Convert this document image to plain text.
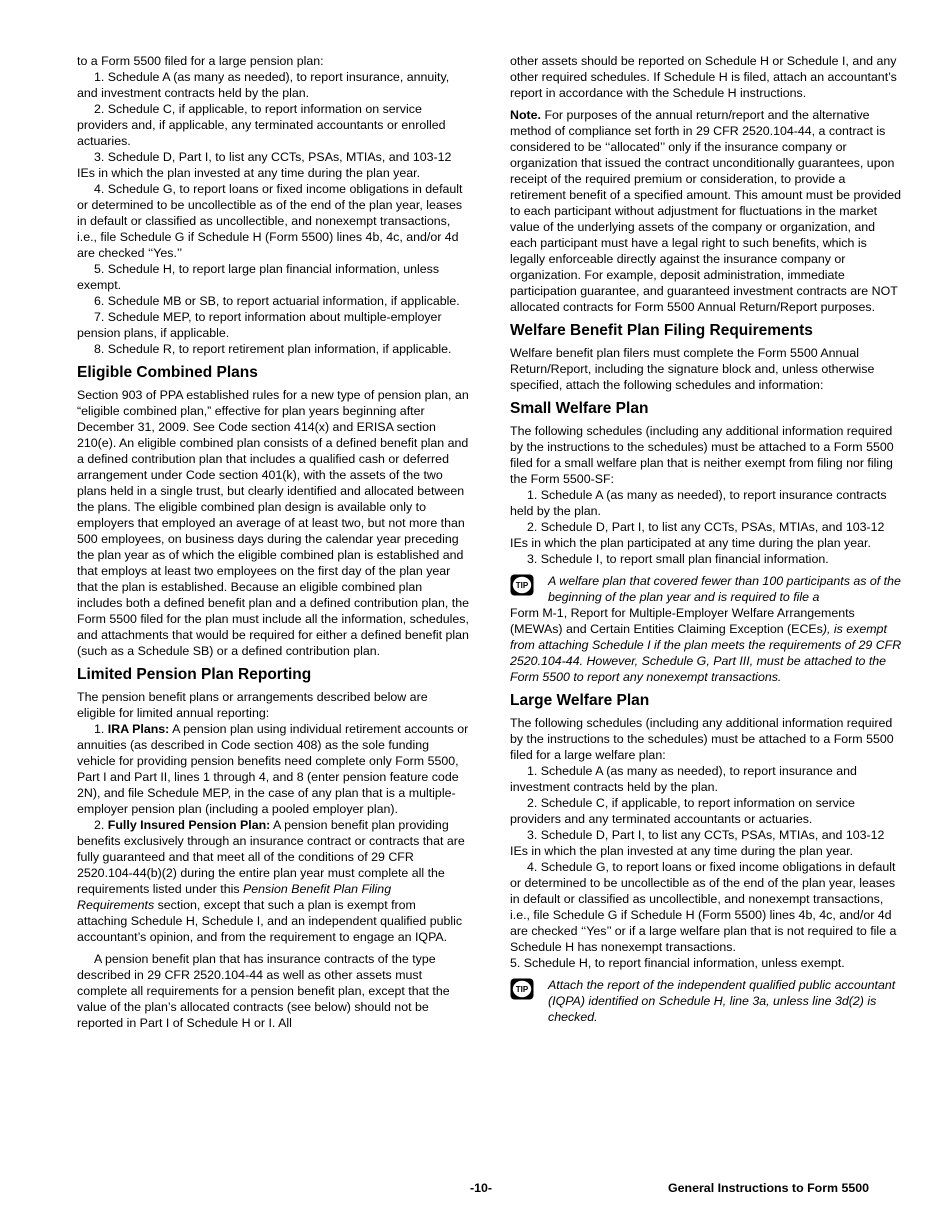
to a Form 5500 filed for a large pension plan:

1. Schedule A (as many as needed), to report insurance, annuity, and investment contracts held by the plan.

2. Schedule C, if applicable, to report information on service providers and, if applicable, any terminated accountants or enrolled actuaries.

3. Schedule D, Part I, to list any CCTs, PSAs, MTIAs, and 103-12 IEs in which the plan invested at any time during the plan year.

4. Schedule G, to report loans or fixed income obligations in default or determined to be uncollectible as of the end of the plan year, leases in default or classified as uncollectible, and nonexempt transactions, i.e., file Schedule G if Schedule H (Form 5500) lines 4b, 4c, and/or 4d are checked ‘‘Yes.’’

5. Schedule H, to report large plan financial information, unless exempt.

6. Schedule MB or SB, to report actuarial information, if applicable.

7. Schedule MEP, to report information about multiple-employer pension plans, if applicable.

8. Schedule R, to report retirement plan information, if applicable.

Eligible Combined Plans

Section 903 of PPA established rules for a new type of pension plan, an “eligible combined plan,” effective for plan years beginning after December 31, 2009. See Code section 414(x) and ERISA section 210(e). An eligible combined plan consists of a defined benefit plan and a defined contribution plan that includes a qualified cash or deferred arrangement under Code section 401(k), with the assets of the two plans held in a single trust, but clearly identified and allocated between the plans. The eligible combined plan design is available only to employers that employed an average of at least two, but not more than 500 employees, on business days during the calendar year preceding the plan year as of which the eligible combined plan is established and that employs at least two employees on the first day of the plan year that the plan is established. Because an eligible combined plan includes both a defined benefit plan and a defined contribution plan, the Form 5500 filed for the plan must include all the information, schedules, and attachments that would be required for either a defined benefit plan (such as a Schedule SB) or a defined contribution plan.

Limited Pension Plan Reporting

The pension benefit plans or arrangements described below are eligible for limited annual reporting:

1. IRA Plans: A pension plan using individual retirement accounts or annuities (as described in Code section 408) as the sole funding vehicle for providing pension benefits need complete only Form 5500, Part I and Part II, lines 1 through 4, and 8 (enter pension feature code 2N), and file Schedule MEP, in the case of any plan that is a multiple-employer pension plan (including a pooled employer plan).

2. Fully Insured Pension Plan: A pension benefit plan providing benefits exclusively through an insurance contract or contracts that are fully guaranteed and that meet all of the conditions of 29 CFR 2520.104-44(b)(2) during the entire plan year must complete all the requirements listed under this Pension Benefit Plan Filing Requirements section, except that such a plan is exempt from attaching Schedule H, Schedule I, and an independent qualified public accountant’s opinion, and from the requirement to engage an IQPA.

A pension benefit plan that has insurance contracts of the type described in 29 CFR 2520.104-44 as well as other assets must complete all requirements for a pension benefit plan, except that the value of the plan’s allocated contracts (see below) should not be reported in Part I of Schedule H or I. All

other assets should be reported on Schedule H or Schedule I, and any other required schedules. If Schedule H is filed, attach an accountant’s report in accordance with the Schedule H instructions.

Note. For purposes of the annual return/report and the alternative method of compliance set forth in 29 CFR 2520.104-44, a contract is considered to be ‘‘allocated’’ only if the insurance company or organization that issued the contract unconditionally guarantees, upon receipt of the required premium or consideration, to provide a retirement benefit of a specified amount. This amount must be provided to each participant without adjustment for fluctuations in the market value of the underlying assets of the company or organization, and each participant must have a legal right to such benefits, which is legally enforceable directly against the insurance company or organization. For example, deposit administration, immediate participation guarantee, and guaranteed investment contracts are NOT allocated contracts for Form 5500 Annual Return/Report purposes.

Welfare Benefit Plan Filing Requirements

Welfare benefit plan filers must complete the Form 5500 Annual Return/Report, including the signature block and, unless otherwise specified, attach the following schedules and information:

Small Welfare Plan

The following schedules (including any additional information required by the instructions to the schedules) must be attached to a Form 5500 filed for a small welfare plan that is neither exempt from filing nor filing the Form 5500-SF:

1. Schedule A (as many as needed), to report insurance contracts held by the plan.

2. Schedule D, Part I, to list any CCTs, PSAs, MTIAs, and 103-12 IEs in which the plan participated at any time during the plan year.

3. Schedule I, to report small plan financial information.

TIP	A welfare plan that covered fewer than 100 participants as of the beginning of the plan year and is required to file a
Form M-1, Report for Multiple-Employer Welfare Arrangements (MEWAs) and Certain Entities Claiming Exception (ECEs), is exempt from attaching Schedule I if the plan meets the requirements of 29 CFR 2520.104-44. However, Schedule G, Part III, must be attached to the Form 5500 to report any nonexempt transactions.
Large Welfare Plan

The following schedules (including any additional information required by the instructions to the schedules) must be attached to a Form 5500 filed for a large welfare plan:

1. Schedule A (as many as needed), to report insurance and investment contracts held by the plan.

2. Schedule C, if applicable, to report information on service providers and any terminated accountants or actuaries.

3. Schedule D, Part I, to list any CCTs, PSAs, MTIAs, and 103-12 IEs in which the plan invested at any time during the plan year.

4. Schedule G, to report loans or fixed income obligations in default or determined to be uncollectible as of the end of the plan year, leases in default or classified as uncollectible, and nonexempt transactions, i.e., file Schedule G if Schedule H (Form 5500) lines 4b, 4c, and/or 4d are checked ‘‘Yes’’ or if a large welfare plan that is not required to file a Schedule H has nonexempt transactions.

5. Schedule H, to report financial information, unless exempt.

TIP	Attach the report of the independent qualified public accountant (IQPA) identified on Schedule H, line 3a, unless line 3d(2) is checked.
-10-	General Instructions to Form 5500
